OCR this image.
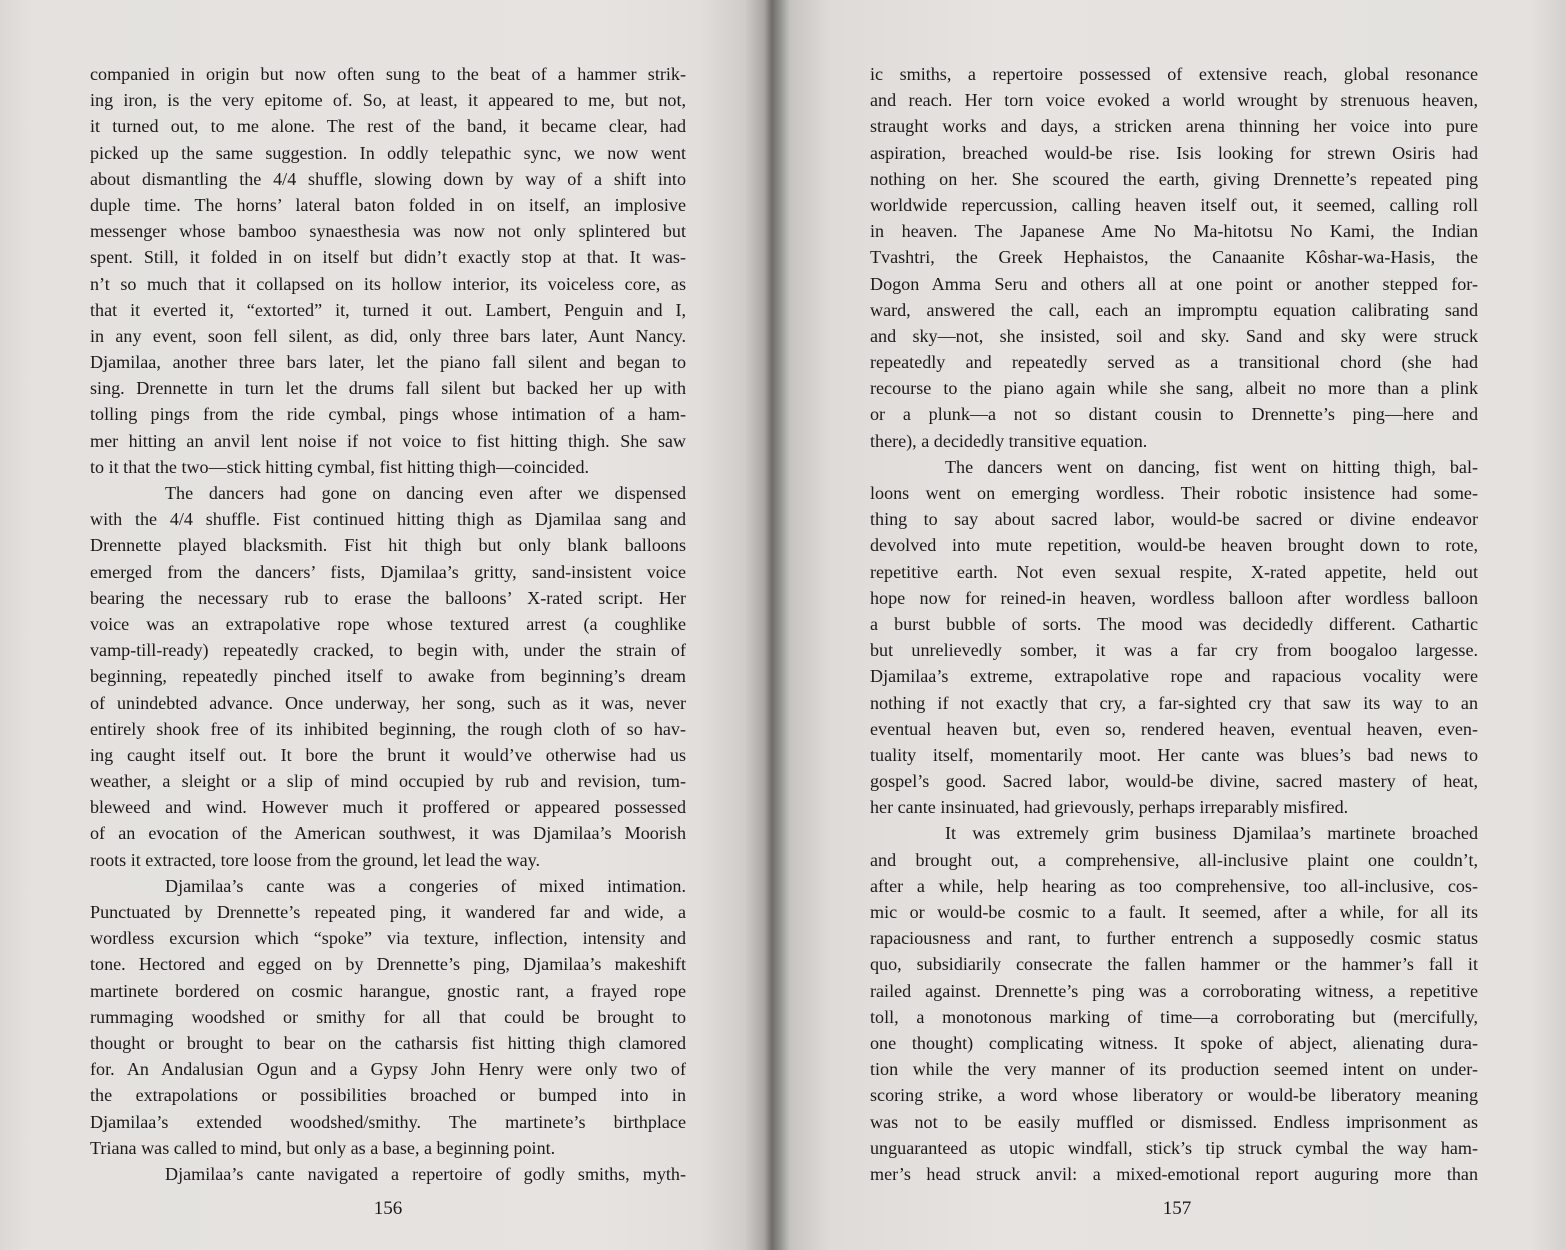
companied in origin but now often sung to the beat of a hammer strik-
ing iron, is the very epitome of. So, at least, it appeared to me, but not,
it turned out, to me alone. The rest of the band, it became clear, had
picked up the same suggestion. In oddly telepathic sync, we now went
about dismantling the 4/4 shuffle, slowing down by way of a shift into
duple time. The horns’ lateral baton folded in on itself, an implosive
messenger whose bamboo synaesthesia was now not only splintered but
spent. Still, it folded in on itself but didn’t exactly stop at that. It was-
n’t so much that it collapsed on its hollow interior, its voiceless core, as
that it everted it, “extorted” it, turned it out. Lambert, Penguin and I,
in any event, soon fell silent, as did, only three bars later, Aunt Nancy.
Djamilaa, another three bars later, let the piano fall silent and began to
sing. Drennette in turn let the drums fall silent but backed her up with
tolling pings from the ride cymbal, pings whose intimation of a ham-
mer hitting an anvil lent noise if not voice to fist hitting thigh. She saw
to it that the two—stick hitting cymbal, fist hitting thigh—coincided.
The dancers had gone on dancing even after we dispensed
with the 4/4 shuffle. Fist continued hitting thigh as Djamilaa sang and
Drennette played blacksmith. Fist hit thigh but only blank balloons
emerged from the dancers’ fists, Djamilaa’s gritty, sand-insistent voice
bearing the necessary rub to erase the balloons’ X-rated script. Her
voice was an extrapolative rope whose textured arrest (a coughlike
vamp-till-ready) repeatedly cracked, to begin with, under the strain of
beginning, repeatedly pinched itself to awake from beginning’s dream
of unindebted advance. Once underway, her song, such as it was, never
entirely shook free of its inhibited beginning, the rough cloth of so hav-
ing caught itself out. It bore the brunt it would’ve otherwise had us
weather, a sleight or a slip of mind occupied by rub and revision, tum-
bleweed and wind. However much it proffered or appeared possessed
of an evocation of the American southwest, it was Djamilaa’s Moorish
roots it extracted, tore loose from the ground, let lead the way.
Djamilaa’s cante was a congeries of mixed intimation.
Punctuated by Drennette’s repeated ping, it wandered far and wide, a
wordless excursion which “spoke” via texture, inflection, intensity and
tone. Hectored and egged on by Drennette’s ping, Djamilaa’s makeshift
martinete bordered on cosmic harangue, gnostic rant, a frayed rope
rummaging woodshed or smithy for all that could be brought to
thought or brought to bear on the catharsis fist hitting thigh clamored
for. An Andalusian Ogun and a Gypsy John Henry were only two of
the extrapolations or possibilities broached or bumped into in
Djamilaa’s extended woodshed/smithy. The martinete’s birthplace
Triana was called to mind, but only as a base, a beginning point.
Djamilaa’s cante navigated a repertoire of godly smiths, myth-
156
ic smiths, a repertoire possessed of extensive reach, global resonance
and reach. Her torn voice evoked a world wrought by strenuous heaven,
straught works and days, a stricken arena thinning her voice into pure
aspiration, breached would-be rise. Isis looking for strewn Osiris had
nothing on her. She scoured the earth, giving Drennette’s repeated ping
worldwide repercussion, calling heaven itself out, it seemed, calling roll
in heaven. The Japanese Ame No Ma-hitotsu No Kami, the Indian
Tvashtri, the Greek Hephaistos, the Canaanite Kôshar-wa-Hasis, the
Dogon Amma Seru and others all at one point or another stepped for-
ward, answered the call, each an impromptu equation calibrating sand
and sky—not, she insisted, soil and sky. Sand and sky were struck
repeatedly and repeatedly served as a transitional chord (she had
recourse to the piano again while she sang, albeit no more than a plink
or a plunk—a not so distant cousin to Drennette’s ping—here and
there), a decidedly transitive equation.
The dancers went on dancing, fist went on hitting thigh, bal-
loons went on emerging wordless. Their robotic insistence had some-
thing to say about sacred labor, would-be sacred or divine endeavor
devolved into mute repetition, would-be heaven brought down to rote,
repetitive earth. Not even sexual respite, X-rated appetite, held out
hope now for reined-in heaven, wordless balloon after wordless balloon
a burst bubble of sorts. The mood was decidedly different. Cathartic
but unrelievedly somber, it was a far cry from boogaloo largesse.
Djamilaa’s extreme, extrapolative rope and rapacious vocality were
nothing if not exactly that cry, a far-sighted cry that saw its way to an
eventual heaven but, even so, rendered heaven, eventual heaven, even-
tuality itself, momentarily moot. Her cante was blues’s bad news to
gospel’s good. Sacred labor, would-be divine, sacred mastery of heat,
her cante insinuated, had grievously, perhaps irreparably misfired.
It was extremely grim business Djamilaa’s martinete broached
and brought out, a comprehensive, all-inclusive plaint one couldn’t,
after a while, help hearing as too comprehensive, too all-inclusive, cos-
mic or would-be cosmic to a fault. It seemed, after a while, for all its
rapaciousness and rant, to further entrench a supposedly cosmic status
quo, subsidiarily consecrate the fallen hammer or the hammer’s fall it
railed against. Drennette’s ping was a corroborating witness, a repetitive
toll, a monotonous marking of time—a corroborating but (mercifully,
one thought) complicating witness. It spoke of abject, alienating dura-
tion while the very manner of its production seemed intent on under-
scoring strike, a word whose liberatory or would-be liberatory meaning
was not to be easily muffled or dismissed. Endless imprisonment as
unguaranteed as utopic windfall, stick’s tip struck cymbal the way ham-
mer’s head struck anvil: a mixed-emotional report auguring more than
157
